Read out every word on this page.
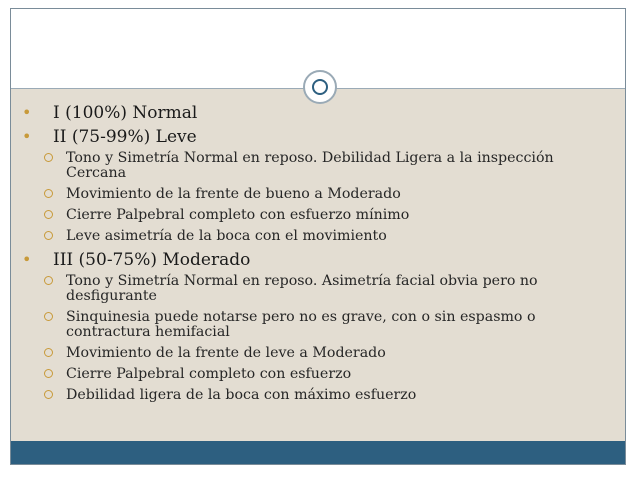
• I (100%) Normal
• II (75-99%) Leve
Tono y Simetría Normal en reposo. Debilidad Ligera a la inspección Cercana
Movimiento de la frente de bueno a Moderado
Cierre Palpebral completo con esfuerzo mínimo
Leve asimetría de la boca con el movimiento
• III (50-75%) Moderado
Tono y Simetría Normal en reposo. Asimetría facial obvia pero no desfigurante
Sinquinesia puede notarse pero no es grave, con o sin espasmo o contractura hemifacial
Movimiento de la frente de leve a Moderado
Cierre Palpebral completo con esfuerzo
Debilidad ligera de la boca con máximo esfuerzo
